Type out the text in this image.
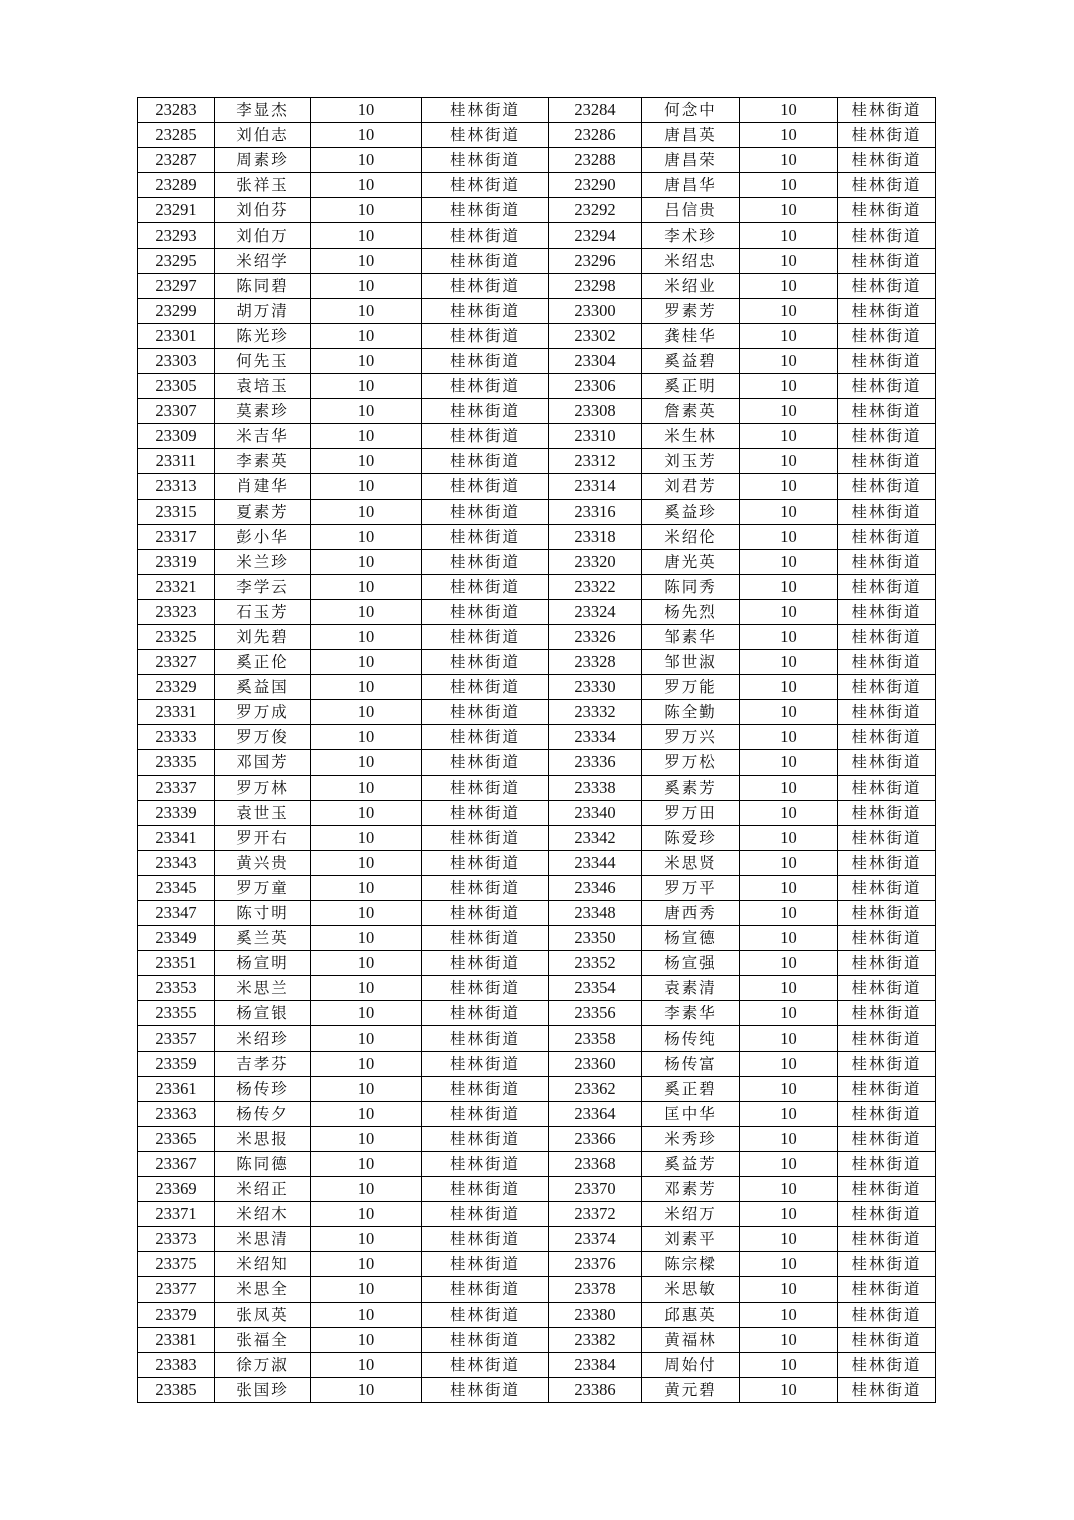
23283	李显杰	10	桂林街道	23284	何念中	10	桂林街道
23285	刘伯志	10	桂林街道	23286	唐昌英	10	桂林街道
23287	周素珍	10	桂林街道	23288	唐昌荣	10	桂林街道
23289	张祥玉	10	桂林街道	23290	唐昌华	10	桂林街道
23291	刘伯芬	10	桂林街道	23292	吕信贵	10	桂林街道
23293	刘伯万	10	桂林街道	23294	李术珍	10	桂林街道
23295	米绍学	10	桂林街道	23296	米绍忠	10	桂林街道
23297	陈同碧	10	桂林街道	23298	米绍业	10	桂林街道
23299	胡万清	10	桂林街道	23300	罗素芳	10	桂林街道
23301	陈光珍	10	桂林街道	23302	龚桂华	10	桂林街道
23303	何先玉	10	桂林街道	23304	奚益碧	10	桂林街道
23305	袁培玉	10	桂林街道	23306	奚正明	10	桂林街道
23307	莫素珍	10	桂林街道	23308	詹素英	10	桂林街道
23309	米吉华	10	桂林街道	23310	米生林	10	桂林街道
23311	李素英	10	桂林街道	23312	刘玉芳	10	桂林街道
23313	肖建华	10	桂林街道	23314	刘君芳	10	桂林街道
23315	夏素芳	10	桂林街道	23316	奚益珍	10	桂林街道
23317	彭小华	10	桂林街道	23318	米绍伦	10	桂林街道
23319	米兰珍	10	桂林街道	23320	唐光英	10	桂林街道
23321	李学云	10	桂林街道	23322	陈同秀	10	桂林街道
23323	石玉芳	10	桂林街道	23324	杨先烈	10	桂林街道
23325	刘先碧	10	桂林街道	23326	邹素华	10	桂林街道
23327	奚正伦	10	桂林街道	23328	邹世淑	10	桂林街道
23329	奚益国	10	桂林街道	23330	罗万能	10	桂林街道
23331	罗万成	10	桂林街道	23332	陈全勤	10	桂林街道
23333	罗万俊	10	桂林街道	23334	罗万兴	10	桂林街道
23335	邓国芳	10	桂林街道	23336	罗万松	10	桂林街道
23337	罗万林	10	桂林街道	23338	奚素芳	10	桂林街道
23339	袁世玉	10	桂林街道	23340	罗万田	10	桂林街道
23341	罗开右	10	桂林街道	23342	陈爱珍	10	桂林街道
23343	黄兴贵	10	桂林街道	23344	米思贤	10	桂林街道
23345	罗万童	10	桂林街道	23346	罗万平	10	桂林街道
23347	陈寸明	10	桂林街道	23348	唐西秀	10	桂林街道
23349	奚兰英	10	桂林街道	23350	杨宣德	10	桂林街道
23351	杨宣明	10	桂林街道	23352	杨宣强	10	桂林街道
23353	米思兰	10	桂林街道	23354	袁素清	10	桂林街道
23355	杨宣银	10	桂林街道	23356	李素华	10	桂林街道
23357	米绍珍	10	桂林街道	23358	杨传纯	10	桂林街道
23359	吉孝芬	10	桂林街道	23360	杨传富	10	桂林街道
23361	杨传珍	10	桂林街道	23362	奚正碧	10	桂林街道
23363	杨传夕	10	桂林街道	23364	匡中华	10	桂林街道
23365	米思报	10	桂林街道	23366	米秀珍	10	桂林街道
23367	陈同德	10	桂林街道	23368	奚益芳	10	桂林街道
23369	米绍正	10	桂林街道	23370	邓素芳	10	桂林街道
23371	米绍木	10	桂林街道	23372	米绍万	10	桂林街道
23373	米思清	10	桂林街道	23374	刘素平	10	桂林街道
23375	米绍知	10	桂林街道	23376	陈宗樑	10	桂林街道
23377	米思全	10	桂林街道	23378	米思敏	10	桂林街道
23379	张凤英	10	桂林街道	23380	邱惠英	10	桂林街道
23381	张福全	10	桂林街道	23382	黄福林	10	桂林街道
23383	徐万淑	10	桂林街道	23384	周始付	10	桂林街道
23385	张国珍	10	桂林街道	23386	黄元碧	10	桂林街道
